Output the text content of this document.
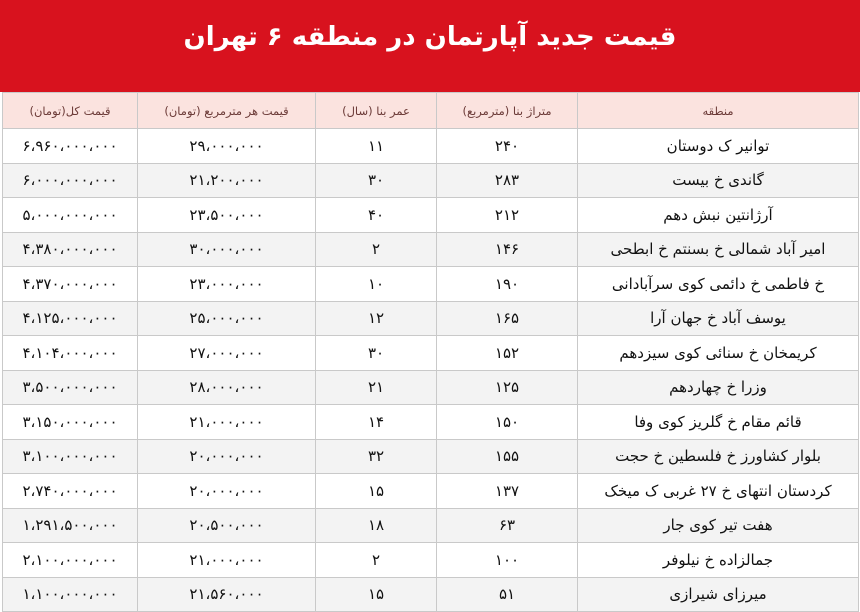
قیمت جدید آپارتمان در منطقه ۶ تهران
منطقه	متراژ بنا (مترمربع)	عمر بنا (سال)	قیمت هر مترمربع (تومان)	قیمت کل(تومان)
توانیر ک دوستان	۲۴۰	۱۱	۲۹،۰۰۰،۰۰۰	۶،۹۶۰،۰۰۰،۰۰۰
گاندی خ بیست	۲۸۳	۳۰	۲۱،۲۰۰،۰۰۰	۶،۰۰۰،۰۰۰،۰۰۰
آرژانتین نبش دهم	۲۱۲	۴۰	۲۳،۵۰۰،۰۰۰	۵،۰۰۰،۰۰۰،۰۰۰
امیر آباد شمالی خ بسنتم خ ابطحی	۱۴۶	۲	۳۰،۰۰۰،۰۰۰	۴،۳۸۰،۰۰۰،۰۰۰
خ فاطمی خ دائمی کوی سرآبادانی	۱۹۰	۱۰	۲۳،۰۰۰،۰۰۰	۴،۳۷۰،۰۰۰،۰۰۰
یوسف آباد خ جهان آرا	۱۶۵	۱۲	۲۵،۰۰۰،۰۰۰	۴،۱۲۵،۰۰۰،۰۰۰
کریمخان خ سنائی کوی سیزدهم	۱۵۲	۳۰	۲۷،۰۰۰،۰۰۰	۴،۱۰۴،۰۰۰،۰۰۰
وزرا خ چهاردهم	۱۲۵	۲۱	۲۸،۰۰۰،۰۰۰	۳،۵۰۰،۰۰۰،۰۰۰
قائم مقام خ گلریز کوی وفا	۱۵۰	۱۴	۲۱،۰۰۰،۰۰۰	۳،۱۵۰،۰۰۰،۰۰۰
بلوار کشاورز خ فلسطین خ حجت	۱۵۵	۳۲	۲۰،۰۰۰،۰۰۰	۳،۱۰۰،۰۰۰،۰۰۰
کردستان انتهای خ ۲۷ غربی ک میخک	۱۳۷	۱۵	۲۰،۰۰۰،۰۰۰	۲،۷۴۰،۰۰۰،۰۰۰
هفت تیر کوی جار	۶۳	۱۸	۲۰،۵۰۰،۰۰۰	۱،۲۹۱،۵۰۰،۰۰۰
جمالزاده خ نیلوفر	۱۰۰	۲	۲۱،۰۰۰،۰۰۰	۲،۱۰۰،۰۰۰،۰۰۰
میرزای شیرازی	۵۱	۱۵	۲۱،۵۶۰،۰۰۰	۱،۱۰۰،۰۰۰،۰۰۰
